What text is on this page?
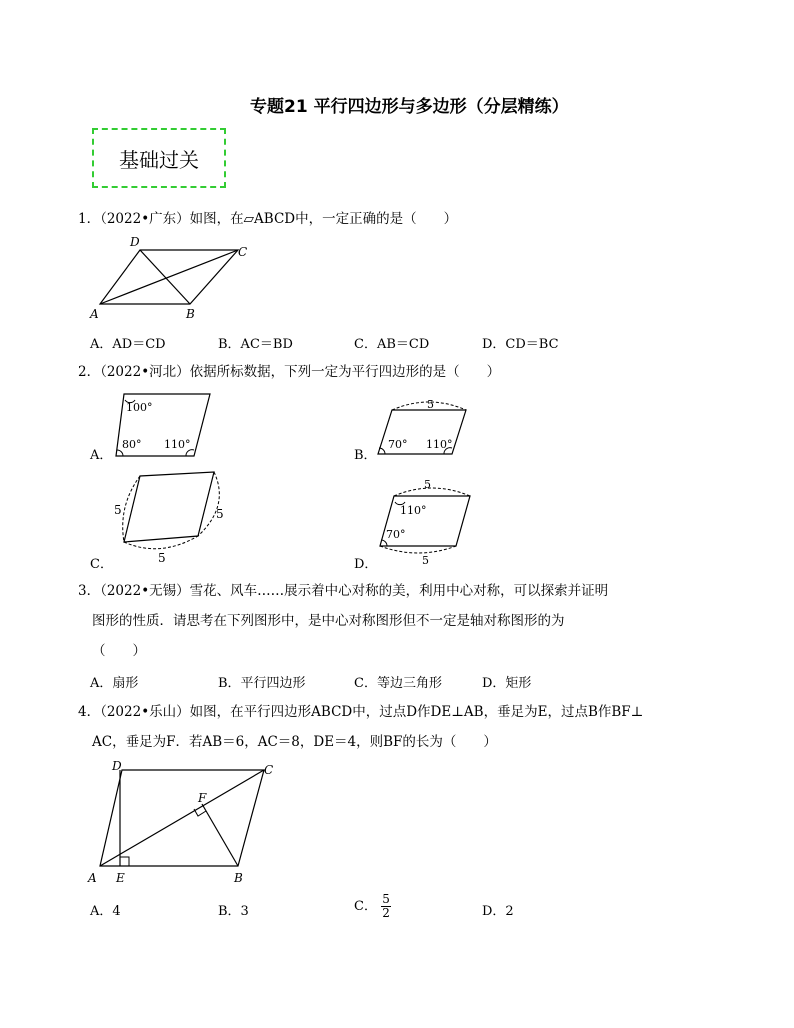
专题21 平行四边形与多边形（分层精练）
基础过关
1．（2022•广东）如图，在▱ABCD中，一定正确的是（　　）
A	B
C
D
A．AD＝CD	B．AC＝BD	C．AB＝CD	D．CD＝BC
2．（2022•河北）依据所标数据，下列一定为平行四边形的是（　　）
A．
100°
80° 110°
B．
5
70° 110°
C．
5	5
5	D．
5
5
110°
70°
3．（2022•无锡）雪花、风车……展示着中心对称的美，利用中心对称，可以探索并证明
图形的性质．请思考在下列图形中，是中心对称图形但不一定是轴对称图形的为
（　　）
A．扇形	B．平行四边形	C．等边三角形	D．矩形
4．（2022•乐山）如图，在平行四边形ABCD中，过点D作DE⊥AB，垂足为E，过点B作BF⊥
AC，垂足为F．若AB＝6，AC＝8，DE＝4，则BF的长为（　　）
A E	B
C
D
F
A．4	B．3	C． $\frac{5}{2}$	D．2
